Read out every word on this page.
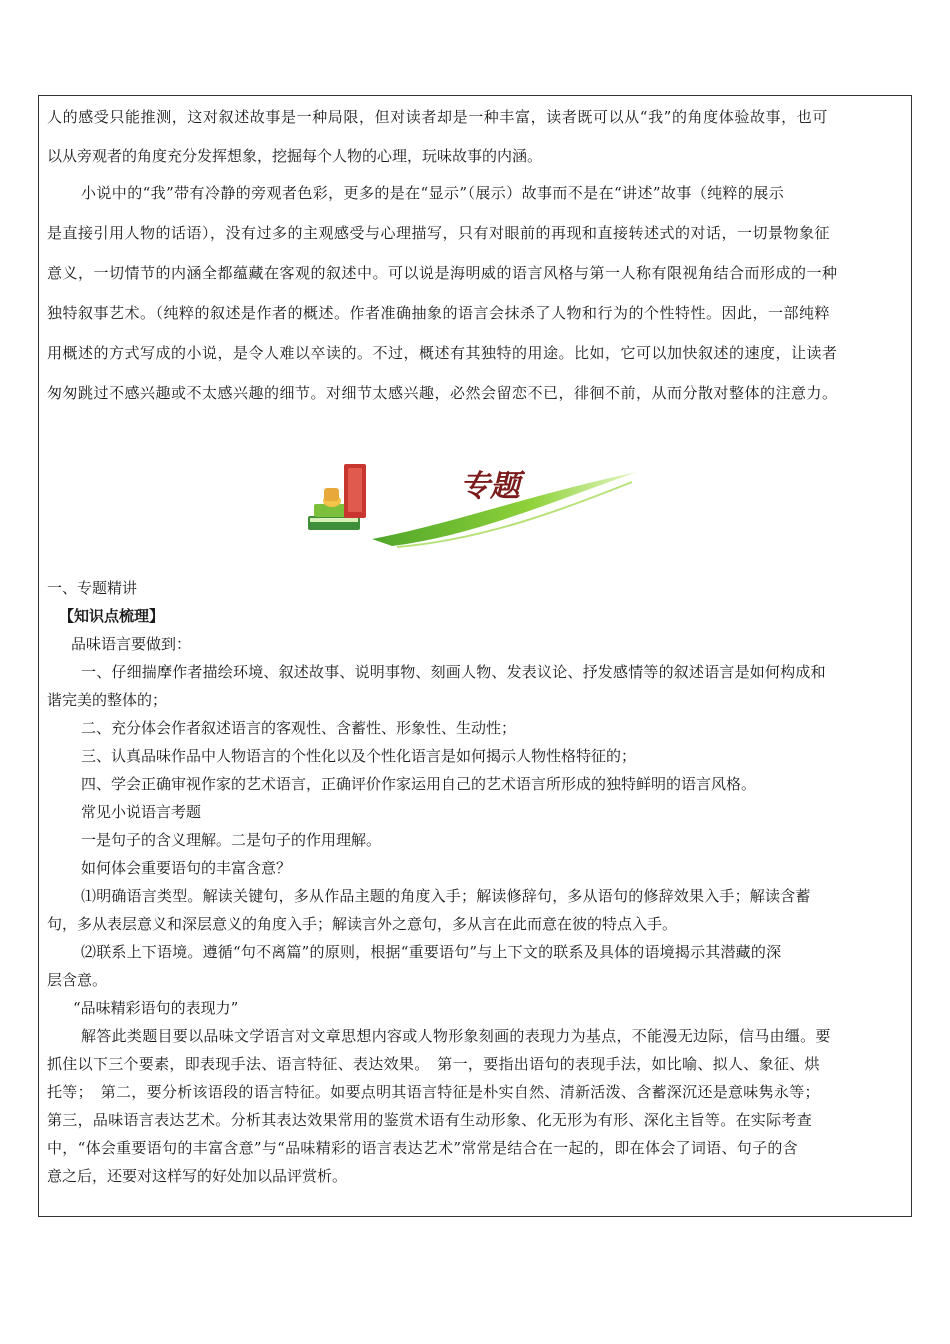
人的感受只能推测，这对叙述故事是一种局限，但对读者却是一种丰富，读者既可以从“我”的角度体验故事，也可
以从旁观者的角度充分发挥想象，挖掘每个人物的心理，玩味故事的内涵。
小说中的“我”带有冷静的旁观者色彩，更多的是在“显示”（展示）故事而不是在“讲述”故事（纯粹的展示
是直接引用人物的话语），没有过多的主观感受与心理描写，只有对眼前的再现和直接转述式的对话，一切景物象征
意义，一切情节的内涵全都蕴藏在客观的叙述中。可以说是海明威的语言风格与第一人称有限视角结合而形成的一种
独特叙事艺术。（纯粹的叙述是作者的概述。作者准确抽象的语言会抹杀了人物和行为的个性特性。因此，一部纯粹
用概述的方式写成的小说，是令人难以卒读的。不过，概述有其独特的用途。比如，它可以加快叙述的速度，让读者
匆匆跳过不感兴趣或不太感兴趣的细节。对细节太感兴趣，必然会留恋不已，徘徊不前，从而分散对整体的注意力。
专题
一、专题精讲
【知识点梳理】
品味语言要做到：
一、仔细揣摩作者描绘环境、叙述故事、说明事物、刻画人物、发表议论、抒发感情等的叙述语言是如何构成和
谐完美的整体的；
二、充分体会作者叙述语言的客观性、含蓄性、形象性、生动性；
三、认真品味作品中人物语言的个性化以及个性化语言是如何揭示人物性格特征的；
四、学会正确审视作家的艺术语言，正确评价作家运用自己的艺术语言所形成的独特鲜明的语言风格。
常见小说语言考题
一是句子的含义理解。二是句子的作用理解。
如何体会重要语句的丰富含意？
⑴明确语言类型。解读关键句，多从作品主题的角度入手；解读修辞句，多从语句的修辞效果入手；解读含蓄
句，多从表层意义和深层意义的角度入手；解读言外之意句，多从言在此而意在彼的特点入手。
⑵联系上下语境。遵循“句不离篇”的原则，根据“重要语句”与上下文的联系及具体的语境揭示其潜藏的深
层含意。
“品味精彩语句的表现力”
解答此类题目要以品味文学语言对文章思想内容或人物形象刻画的表现力为基点，不能漫无边际，信马由缰。要
抓住以下三个要素，即表现手法、语言特征、表达效果。　第一，要指出语句的表现手法，如比喻、拟人、象征、烘
托等；　第二，要分析该语段的语言特征。如要点明其语言特征是朴实自然、清新活泼、含蓄深沉还是意味隽永等；
第三，品味语言表达艺术。分析其表达效果常用的鉴赏术语有生动形象、化无形为有形、深化主旨等。在实际考查
中，“体会重要语句的丰富含意”与“品味精彩的语言表达艺术”常常是结合在一起的，即在体会了词语、句子的含
意之后，还要对这样写的好处加以品评赏析。
